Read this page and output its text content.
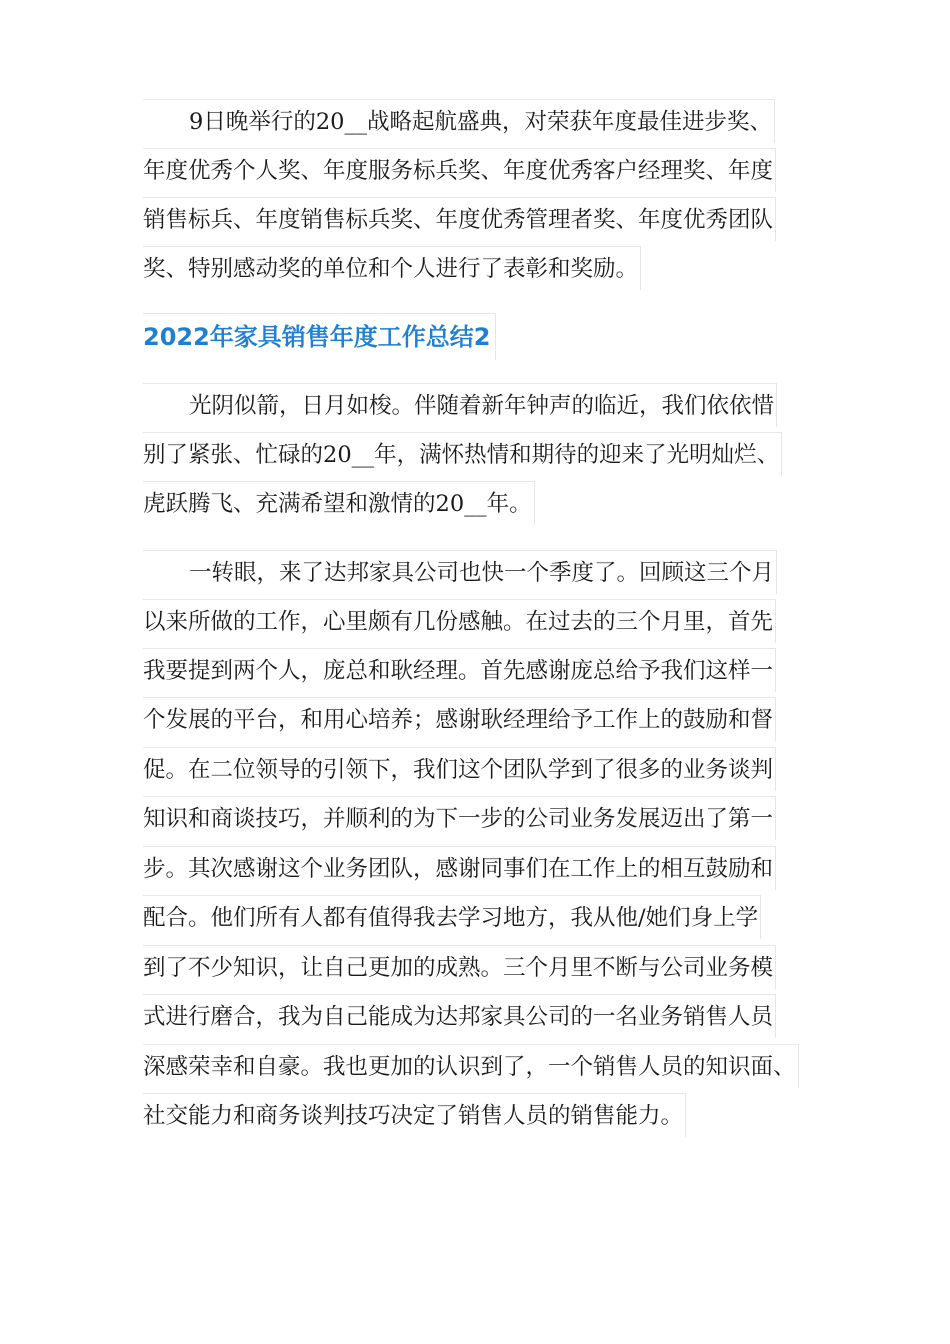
9日晚举行的20__战略起航盛典，对荣获年度最佳进步奖、
年度优秀个人奖、年度服务标兵奖、年度优秀客户经理奖、年度
销售标兵、年度销售标兵奖、年度优秀管理者奖、年度优秀团队
奖、特别感动奖的单位和个人进行了表彰和奖励。
2022年家具销售年度工作总结2
光阴似箭，日月如梭。伴随着新年钟声的临近，我们依依惜
别了紧张、忙碌的20__年，满怀热情和期待的迎来了光明灿烂、
虎跃腾飞、充满希望和激情的20__年。
一转眼，来了达邦家具公司也快一个季度了。回顾这三个月
以来所做的工作，心里颇有几份感触。在过去的三个月里，首先
我要提到两个人，庞总和耿经理。首先感谢庞总给予我们这样一
个发展的平台，和用心培养；感谢耿经理给予工作上的鼓励和督
促。在二位领导的引领下，我们这个团队学到了很多的业务谈判
知识和商谈技巧，并顺利的为下一步的公司业务发展迈出了第一
步。其次感谢这个业务团队，感谢同事们在工作上的相互鼓励和
配合。他们所有人都有值得我去学习地方，我从他/她们身上学
到了不少知识，让自己更加的成熟。三个月里不断与公司业务模
式进行磨合，我为自己能成为达邦家具公司的一名业务销售人员
深感荣幸和自豪。我也更加的认识到了，一个销售人员的知识面、
社交能力和商务谈判技巧决定了销售人员的销售能力。
